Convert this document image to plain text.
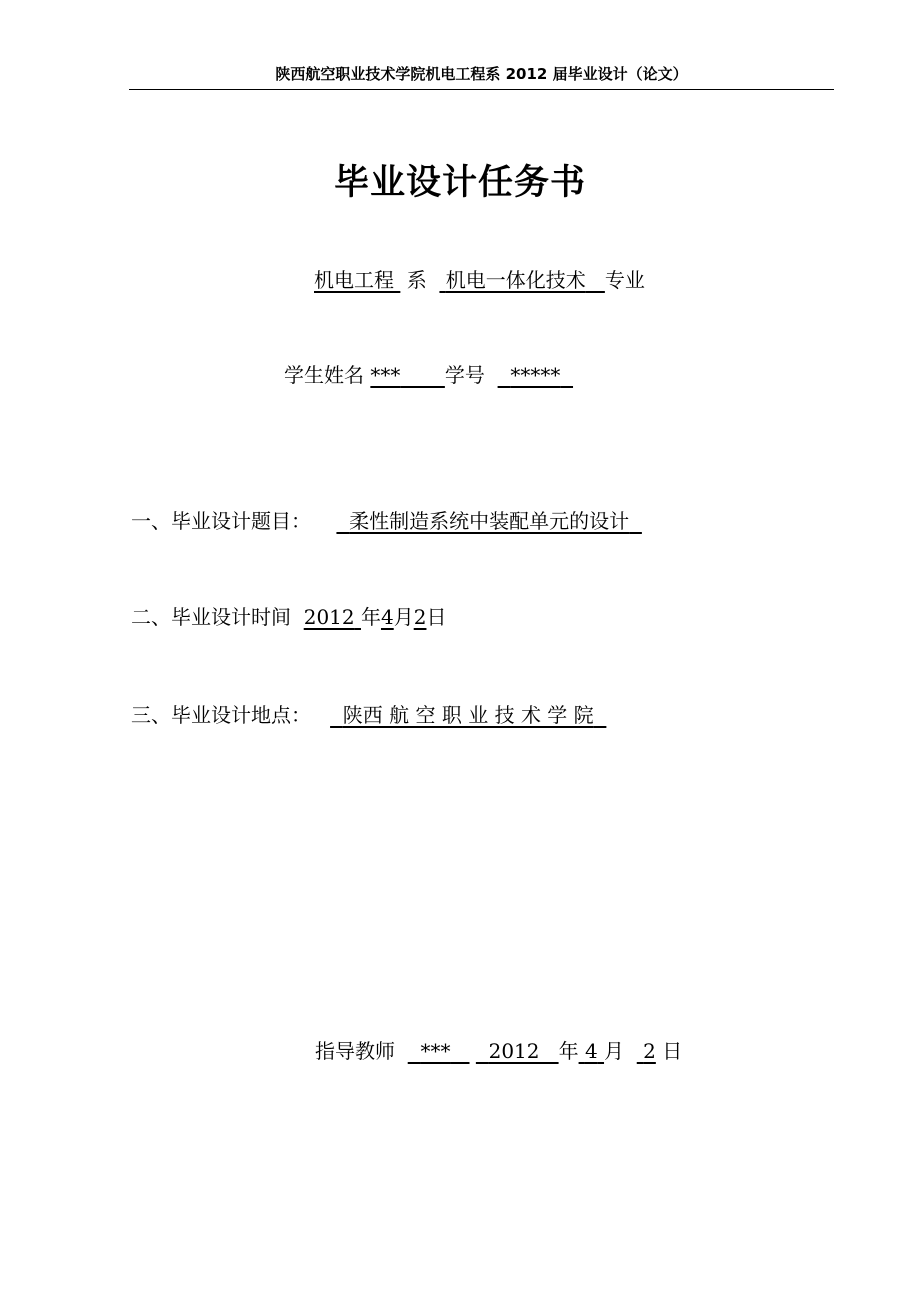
陕西航空职业技术学院机电工程系 2012 届毕业设计（论文）
毕业设计任务书
机电工程 系 机电一体化技术 专业
学生姓名 *** 学号 *****
一、毕业设计题目： 柔性制造系统中装配单元的设计
二、毕业设计时间 2012 年4月2日
三、毕业设计地点： 陕西 航 空 职 业 技 术 学 院
指导教师 *** 2012 年 4 月 2 日
